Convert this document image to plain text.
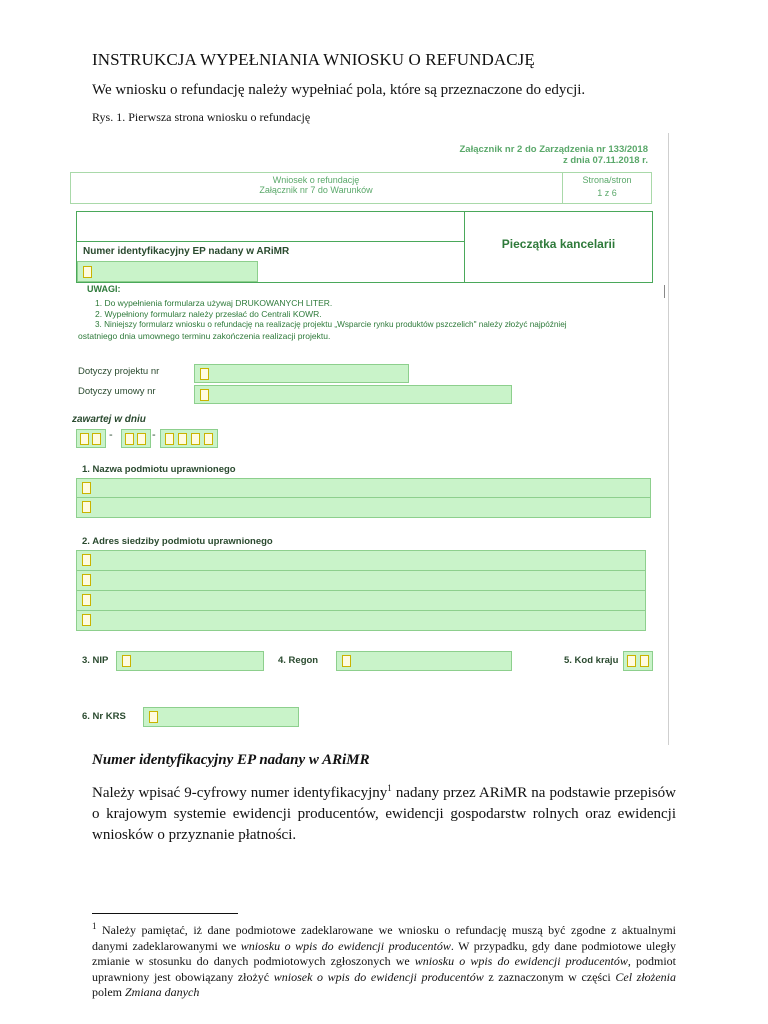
INSTRUKCJA WYPEŁNIANIA WNIOSKU O REFUNDACJĘ
We wniosku o refundację należy wypełniać pola, które są przeznaczone do edycji.
Rys. 1. Pierwsza strona wniosku o refundację
Załącznik nr 2 do Zarządzenia nr 133/2018
z dnia 07.11.2018 r.
Wniosek o refundację
Załącznik nr 7 do Warunków
Strona/stron
1 z 6
Numer identyfikacyjny EP nadany w ARiMR
Pieczątka kancelarii
UWAGI:
1. Do wypełnienia formularza używaj DRUKOWANYCH LITER.
2. Wypełniony formularz należy przesłać do Centrali KOWR.
3. Niniejszy formularz wniosku o refundację na realizację projektu „Wsparcie rynku produktów pszczelich" należy złożyć najpóźniej
ostatniego dnia umownego terminu zakończenia realizacji projektu.
Dotyczy projektu nr
Dotyczy umowy nr
zawartej w dniu
-	-
1. Nazwa podmiotu uprawnionego
2. Adres siedziby podmiotu uprawnionego
3. NIP	4. Regon	5. Kod kraju
6. Nr KRS
Numer identyfikacyjny EP nadany w ARiMR
Należy wpisać 9-cyfrowy numer identyfikacyjny$^1$ nadany przez ARiMR na podstawie przepisów o krajowym systemie ewidencji producentów, ewidencji gospodarstw rolnych oraz ewidencji wniosków o przyznanie płatności.
$^1$ Należy pamiętać, iż dane podmiotowe zadeklarowane we wniosku o refundację muszą być zgodne z aktualnymi danymi zadeklarowanymi we wniosku o wpis do ewidencji producentów. W przypadku, gdy dane podmiotowe uległy zmianie w stosunku do danych podmiotowych zgłoszonych we wniosku o wpis do ewidencji producentów, podmiot uprawniony jest obowiązany złożyć wniosek o wpis do ewidencji producentów z zaznaczonym w części Cel złożenia polem Zmiana danych
